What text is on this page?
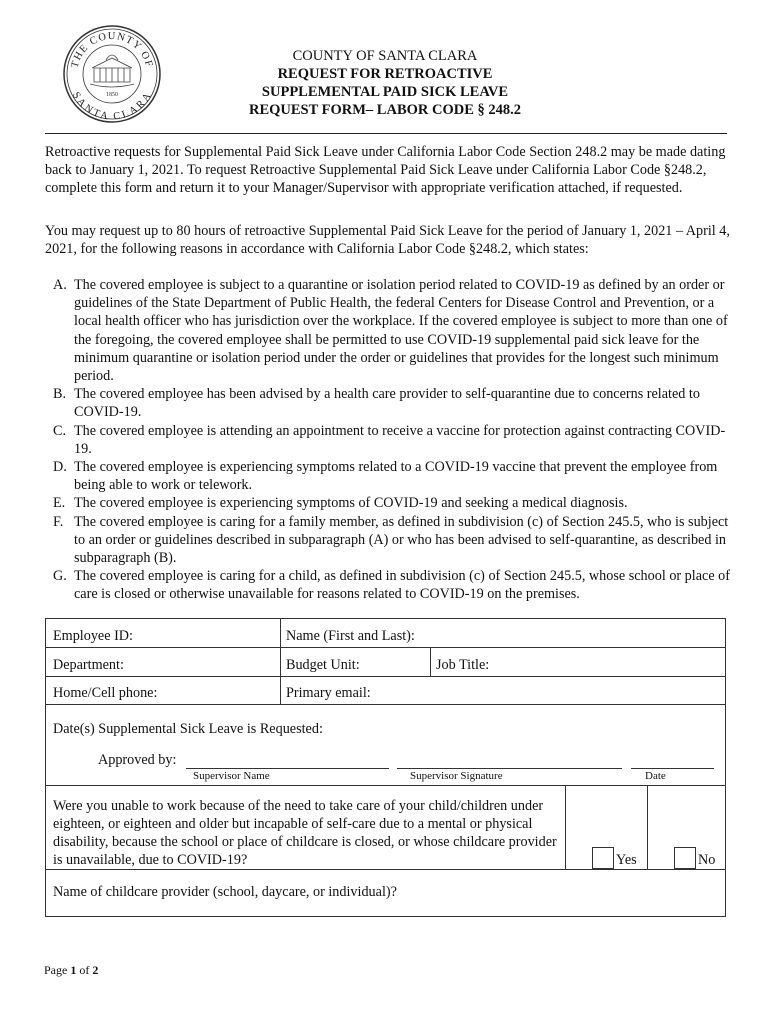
THE COUNTY OF
SANTA CLARA
1850
COUNTY OF SANTA CLARA
REQUEST FOR RETROACTIVE
SUPPLEMENTAL PAID SICK LEAVE
REQUEST FORM– LABOR CODE § 248.2
Retroactive requests for Supplemental Paid Sick Leave under California Labor Code Section 248.2 may be made dating back to January 1, 2021. To request Retroactive Supplemental Paid Sick Leave under California Labor Code §248.2, complete this form and return it to your Manager/Supervisor with appropriate verification attached, if requested.
You may request up to 80 hours of retroactive Supplemental Paid Sick Leave for the period of January 1, 2021 – April 4, 2021, for the following reasons in accordance with California Labor Code §248.2, which states:
A. The covered employee is subject to a quarantine or isolation period related to COVID-19 as defined by an order or guidelines of the State Department of Public Health, the federal Centers for Disease Control and Prevention, or a local health officer who has jurisdiction over the workplace. If the covered employee is subject to more than one of the foregoing, the covered employee shall be permitted to use COVID-19 supplemental paid sick leave for the minimum quarantine or isolation period under the order or guidelines that provides for the longest such minimum period.
B. The covered employee has been advised by a health care provider to self-quarantine due to concerns related to COVID-19.
C. The covered employee is attending an appointment to receive a vaccine for protection against contracting COVID-19.
D. The covered employee is experiencing symptoms related to a COVID-19 vaccine that prevent the employee from being able to work or telework.
E. The covered employee is experiencing symptoms of COVID-19 and seeking a medical diagnosis.
F. The covered employee is caring for a family member, as defined in subdivision (c) of Section 245.5, who is subject to an order or guidelines described in subparagraph (A) or who has been advised to self-quarantine, as described in subparagraph (B).
G. The covered employee is caring for a child, as defined in subdivision (c) of Section 245.5, whose school or place of care is closed or otherwise unavailable for reasons related to COVID-19 on the premises.
Employee ID:	Name (First and Last):
Department:	Budget Unit:	Job Title:
Home/Cell phone:	Primary email:
Date(s) Supplemental Sick Leave is Requested:
Approved by:
Supervisor Name	Supervisor Signature	Date
Were you unable to work because of the need to take care of your child/children under eighteen, or eighteen and older but incapable of self-care due to a mental or physical disability, because the school or place of childcare is closed, or whose childcare provider is unavailable, due to COVID-19?	Yes	No
Name of childcare provider (school, daycare, or individual)?
Page 1 of 2
